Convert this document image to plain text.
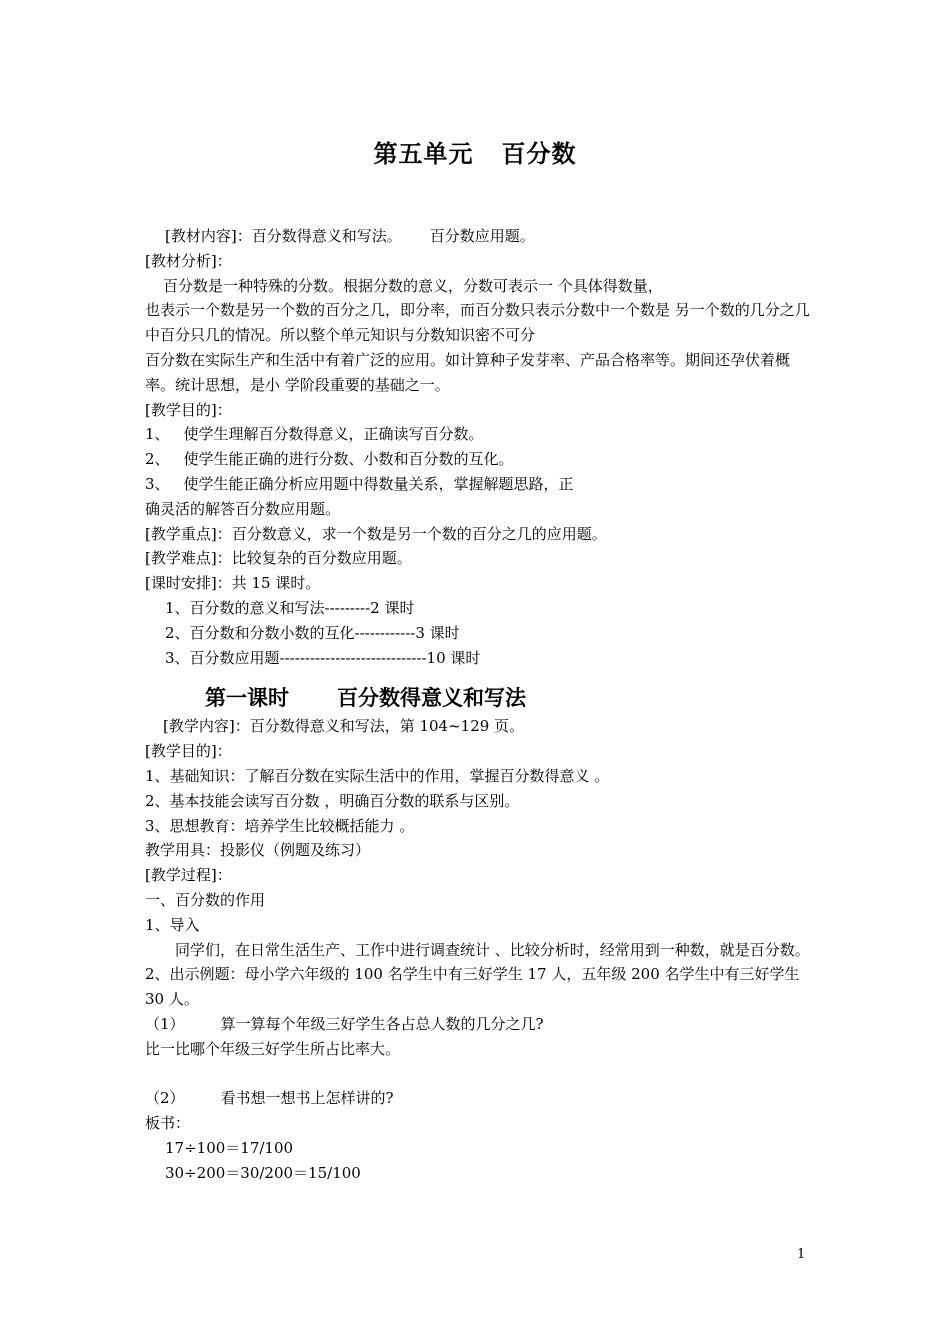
第五单元 百分数
[教材内容]：百分数得意义和写法。 百分数应用题。
[教材分析]：
百分数是一种特殊的分数。根据分数的意义，分数可表示一 个具体得数量，
也表示一个数是另一个数的百分之几，即分率，而百分数只表示分数中一个数是 另一个数的几分之几中百分只几的情况。所以整个单元知识与分数知识密不可分
百分数在实际生产和生活中有着广泛的应用。如计算种子发芽率、产品合格率等。期间还孕伏着概率。统计思想，是小 学阶段重要的基础之一。
[教学目的]：
1、 使学生理解百分数得意义，正确读写百分数。
2、 使学生能正确的进行分数、小数和百分数的互化。
3、 使学生能正确分析应用题中得数量关系，掌握解题思路，正
确灵活的解答百分数应用题。
[教学重点]：百分数意义，求一个数是另一个数的百分之几的应用题。
[教学难点]：比较复杂的百分数应用题。
[课时安排]：共 15 课时。
1、百分数的意义和写法---------2 课时
2、百分数和分数小数的互化------------3 课时
3、百分数应用题-----------------------------10 课时
第一课时 百分数得意义和写法
[教学内容]：百分数得意义和写法，第 104~129 页。
[教学目的]：
1、基础知识：了解百分数在实际生活中的作用，掌握百分数得意义 。
2、基本技能会读写百分数 ，明确百分数的联系与区别。
3、思想教育：培养学生比较概括能力 。
教学用具：投影仪（例题及练习）
[教学过程]：
一、百分数的作用
1、导入
同学们，在日常生活生产、工作中进行调查统计 、比较分析时，经常用到一种数，就是百分数。
2、出示例题：母小学六年级的 100 名学生中有三好学生 17 人，五年级 200 名学生中有三好学生 30 人。
（1） 算一算每个年级三好学生各占总人数的几分之几?
比一比哪个年级三好学生所占比率大。
（2） 看书想一想书上怎样讲的?
板书：
17÷100＝17/100
30÷200＝30/200＝15/100
1
